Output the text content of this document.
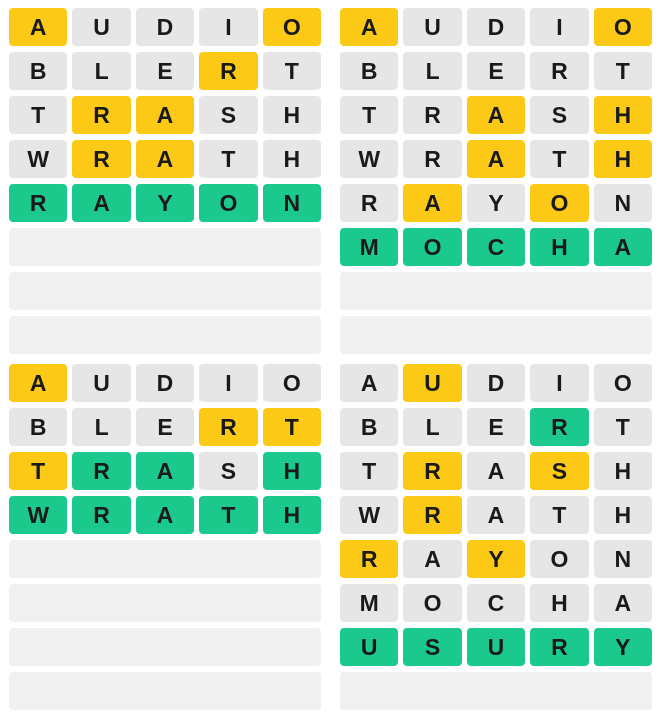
A	U	D	I	O
B	L	E	R	T
T	R	A	S	H
W	R	A	T	H
R	A	Y	O	N
A	U	D	I	O
B	L	E	R	T
T	R	A	S	H
W	R	A	T	H
R	A	Y	O	N
M	O	C	H	A
A	U	D	I	O
B	L	E	R	T
T	R	A	S	H
W	R	A	T	H
A	U	D	I	O
B	L	E	R	T
T	R	A	S	H
W	R	A	T	H
R	A	Y	O	N
M	O	C	H	A
U	S	U	R	Y
